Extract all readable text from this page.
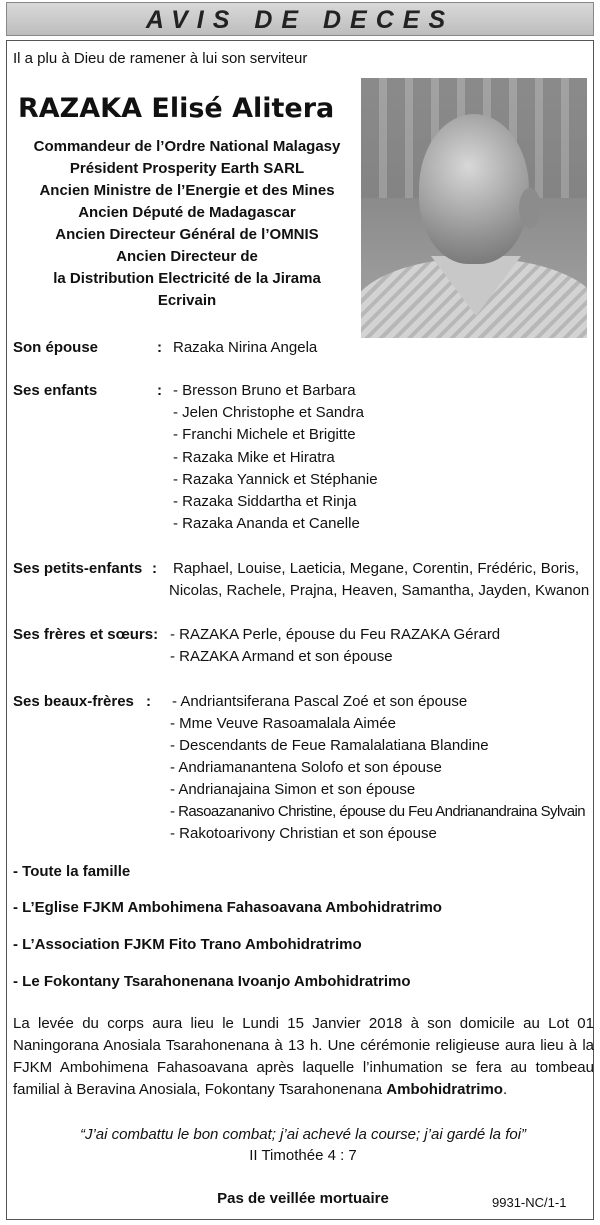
AVIS DE DECES
Il a plu à Dieu de ramener à lui son serviteur
RAZAKA Elisé Alitera
Commandeur de l’Ordre National Malagasy
Président Prosperity Earth SARL
Ancien Ministre de l’Energie et des Mines
Ancien Député de Madagascar
Ancien Directeur Général de l’OMNIS
Ancien Directeur de
la Distribution Electricité de la Jirama
Ecrivain
Son épouse	: Razaka Nirina Angela
Ses enfants	: - Bresson Bruno et Barbara
- Jelen Christophe et Sandra
- Franchi Michele et Brigitte
- Razaka Mike et Hiratra
- Razaka Yannick et Stéphanie
- Razaka Siddartha et Rinja
- Razaka Ananda et Canelle
Ses petits-enfants : Raphael, Louise, Laeticia, Megane, Corentin, Frédéric, Boris,
Nicolas, Rachele, Prajna, Heaven, Samantha, Jayden, Kwanon
Ses frères et sœurs: - RAZAKA Perle, épouse du Feu RAZAKA Gérard
- RAZAKA Armand et son épouse
Ses beaux-frères : - Andriantsiferana Pascal Zoé et son épouse
- Mme Veuve Rasoamalala Aimée
- Descendants de Feue Ramalalatiana Blandine
- Andriamanantena Solofo et son épouse
- Andrianajaina Simon et son épouse
- Rasoazananivo Christine, épouse du Feu Andrianandraina Sylvain
- Rakotoarivony Christian et son épouse
- Toute la famille
- L’Eglise FJKM Ambohimena Fahasoavana Ambohidratrimo
- L’Association FJKM Fito Trano Ambohidratrimo
- Le Fokontany Tsarahonenana Ivoanjo Ambohidratrimo
La levée du corps aura lieu le Lundi 15 Janvier 2018 à son domicile au Lot 01 Naningorana Anosiala Tsarahonenana à 13 h. Une cérémonie religieuse aura lieu à la FJKM Ambohimena Fahasoavana après laquelle l’inhumation se fera au tombeau familial à Beravina Anosiala, Fokontany Tsarahonenana Ambohidratrimo.
“J’ai combattu le bon combat; j’ai achevé la course; j’ai gardé la foi”
II Timothée 4 : 7
Pas de veillée mortuaire	9931-NC/1-1
